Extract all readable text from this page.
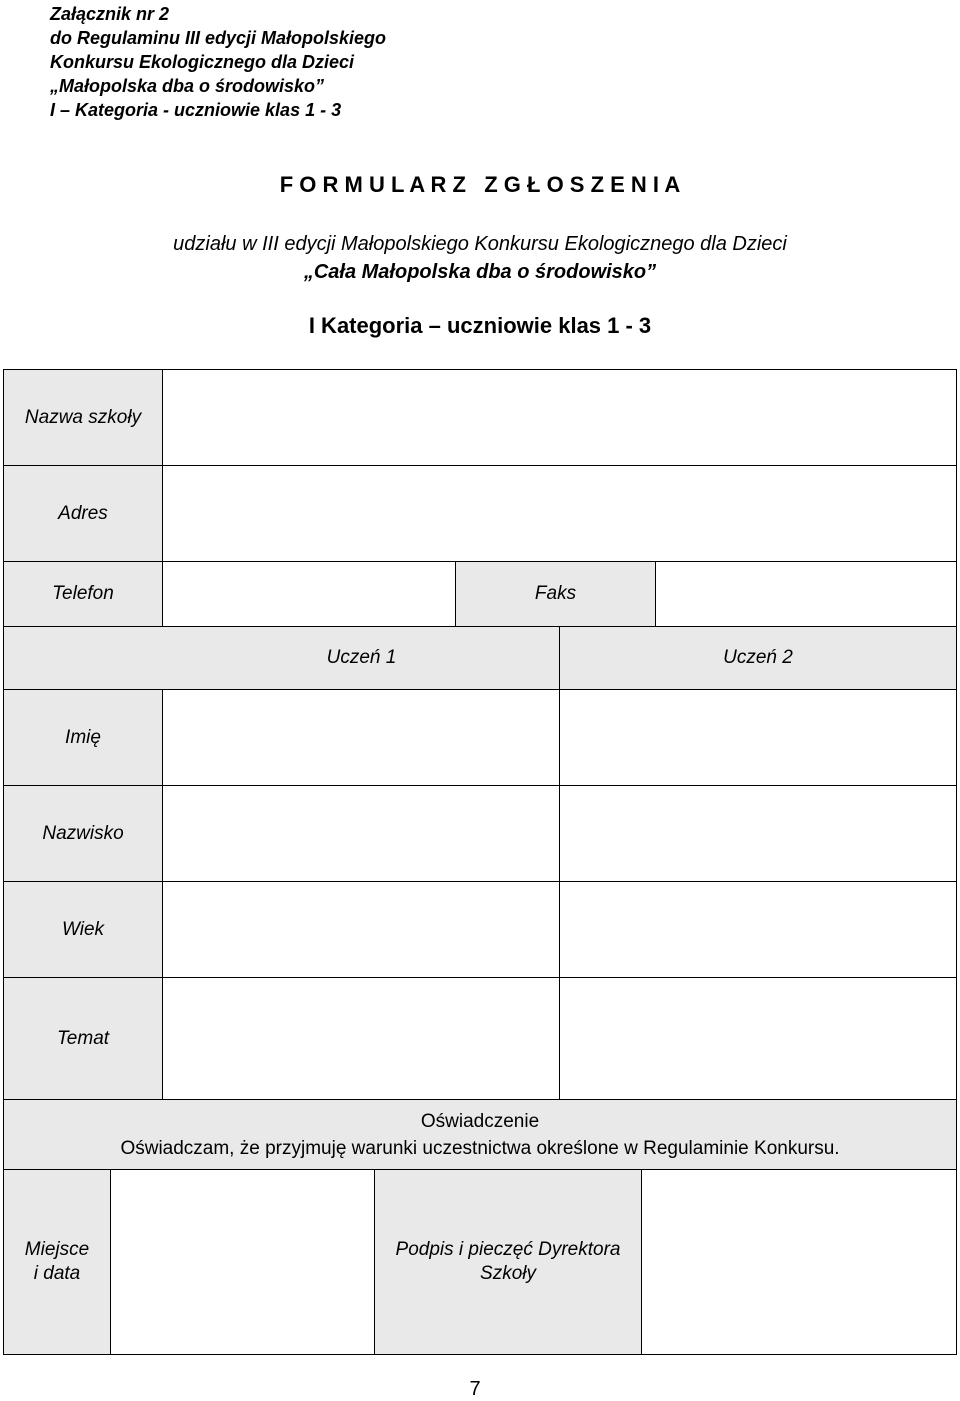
Załącznik nr 2
do Regulaminu III edycji Małopolskiego
Konkursu Ekologicznego dla Dzieci
„Małopolska dba o środowisko”
I – Kategoria - uczniowie klas 1 - 3
F O R M U L A R Z   Z G Ł O S Z E N I A
udziału w III edycji Małopolskiego Konkursu Ekologicznego dla Dzieci
„Cała Małopolska dba o środowisko”
I Kategoria – uczniowie klas 1 - 3
Nazwa szkoły
Adres
Telefon	Faks
Uczeń 1	Uczeń 2
Imię
Nazwisko
Wiek
Temat
Oświadczenie
Oświadczam, że przyjmuję warunki uczestnictwa określone w Regulaminie Konkursu.
Miejsce
i data
Podpis i pieczęć Dyrektora
Szkoły
7
